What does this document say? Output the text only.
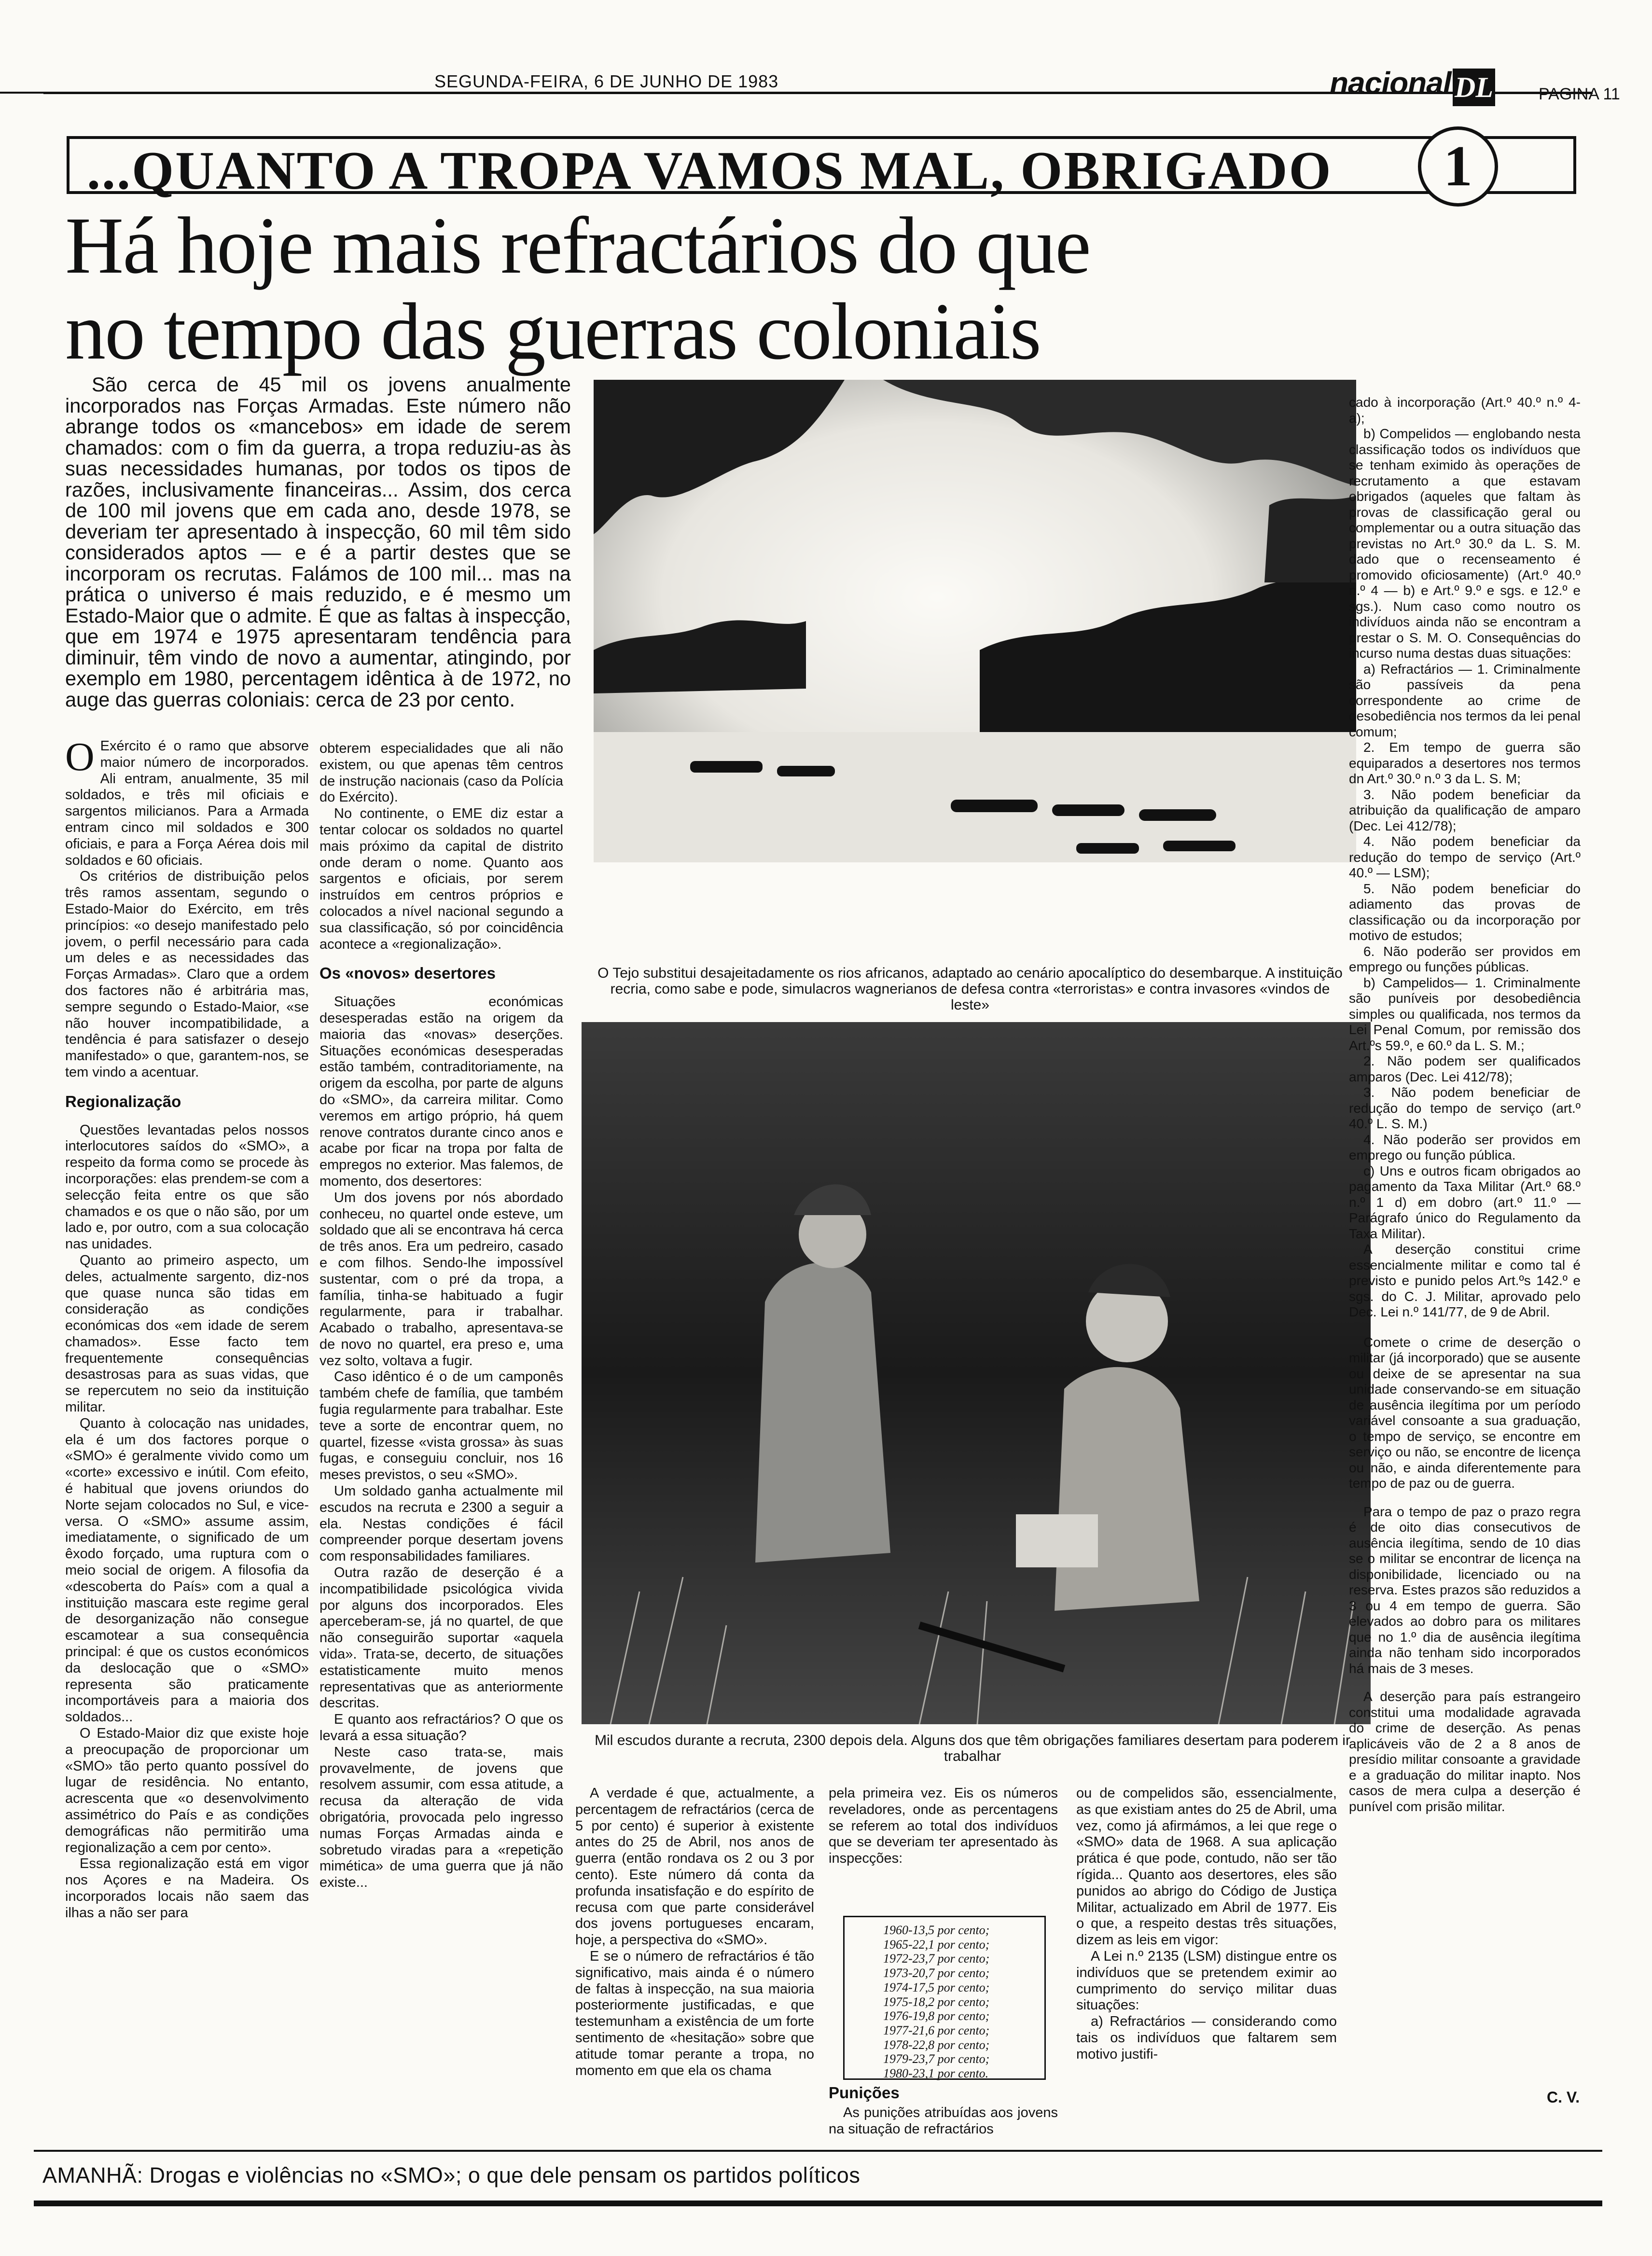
SEGUNDA-FEIRA, 6 DE JUNHO DE 1983	nacional DL	PAGINA 11
...QUANTO A TROPA VAMOS MAL, OBRIGADO	1
Há hoje mais refractários do que
no tempo das guerras coloniais

São cerca de 45 mil os jovens anualmente incorporados nas Forças Armadas. Este número não abrange todos os «mancebos» em idade de serem chamados: com o fim da guerra, a tropa reduziu-as às suas necessidades humanas, por todos os tipos de razões, inclusivamente financeiras... Assim, dos cerca de 100 mil jovens que em cada ano, desde 1978, se deveriam ter apresentado à inspecção, 60 mil têm sido considerados aptos — e é a partir destes que se incorporam os recrutas. Falámos de 100 mil... mas na prática o universo é mais reduzido, e é mesmo um Estado-Maior que o admite. É que as faltas à inspecção, que em 1974 e 1975 apresentaram tendência para diminuir, têm vindo de novo a aumentar, atingindo, por exemplo em 1980, percentagem idêntica à de 1972, no auge das guerras coloniais: cerca de 23 por cento.

O Exército é o ramo que absorve maior número de incorporados. Ali entram, anualmente, 35 mil soldados, e três mil oficiais e sargentos milicianos. Para a Armada entram cinco mil soldados e 300 oficiais, e para a Força Aérea dois mil soldados e 60 oficiais.

Os critérios de distribuição pelos três ramos assentam, segundo o Estado-Maior do Exército, em três princípios: «o desejo manifestado pelo jovem, o perfil necessário para cada um deles e as necessidades das Forças Armadas». Claro que a ordem dos factores não é arbitrária mas, sempre segundo o Estado-Maior, «se não houver incompatibilidade, a tendência é para satisfazer o desejo manifestado» o que, garantem-nos, se tem vindo a acentuar.

Regionalização

Questões levantadas pelos nossos interlocutores saídos do «SMO», a respeito da forma como se procede às incorporações: elas prendem-se com a selecção feita entre os que são chamados e os que o não são, por um lado e, por outro, com a sua colocação nas unidades.

Quanto ao primeiro aspecto, um deles, actualmente sargento, diz-nos que quase nunca são tidas em consideração as condições económicas dos «em idade de serem chamados». Esse facto tem frequentemente consequências desastrosas para as suas vidas, que se repercutem no seio da instituição militar.

Quanto à colocação nas unidades, ela é um dos factores porque o «SMO» é geralmente vivido como um «corte» excessivo e inútil. Com efeito, é habitual que jovens oriundos do Norte sejam colocados no Sul, e vice-versa. O «SMO» assume assim, imediatamente, o significado de um êxodo forçado, uma ruptura com o meio social de origem. A filosofia da «descoberta do País» com a qual a instituição mascara este regime geral de desorganização não consegue escamotear a sua consequência principal: é que os custos económicos da deslocação que o «SMO» representa são praticamente incomportáveis para a maioria dos soldados...

O Estado-Maior diz que existe hoje a preocupação de proporcionar um «SMO» tão perto quanto possível do lugar de residência. No entanto, acrescenta que «o desenvolvimento assimétrico do País e as condições demográficas não permitirão uma regionalização a cem por cento».

Essa regionalização está em vigor nos Açores e na Madeira. Os incorporados locais não saem das ilhas a não ser para

obterem especialidades que ali não existem, ou que apenas têm centros de instrução nacionais (caso da Polícia do Exército).

No continente, o EME diz estar a tentar colocar os soldados no quartel mais próximo da capital de distrito onde deram o nome. Quanto aos sargentos e oficiais, por serem instruídos em centros próprios e colocados a nível nacional segundo a sua classificação, só por coincidência acontece a «regionalização».

Os «novos» desertores

Situações económicas desesperadas estão na origem da maioria das «novas» deserções. Situações económicas desesperadas estão também, contraditoriamente, na origem da escolha, por parte de alguns do «SMO», da carreira militar. Como veremos em artigo próprio, há quem renove contratos durante cinco anos e acabe por ficar na tropa por falta de empregos no exterior. Mas falemos, de momento, dos desertores:

Um dos jovens por nós abordado conheceu, no quartel onde esteve, um soldado que ali se encontrava há cerca de três anos. Era um pedreiro, casado e com filhos. Sendo-lhe impossível sustentar, com o pré da tropa, a família, tinha-se habituado a fugir regularmente, para ir trabalhar. Acabado o trabalho, apresentava-se de novo no quartel, era preso e, uma vez solto, voltava a fugir.

Caso idêntico é o de um camponês também chefe de família, que também fugia regularmente para trabalhar. Este teve a sorte de encontrar quem, no quartel, fizesse «vista grossa» às suas fugas, e conseguiu concluir, nos 16 meses previstos, o seu «SMO».

Um soldado ganha actualmente mil escudos na recruta e 2300 a seguir a ela. Nestas condições é fácil compreender porque desertam jovens com responsabilidades familiares.

Outra razão de deserção é a incompatibilidade psicológica vivida por alguns dos incorporados. Eles aperceberam-se, já no quartel, de que não conseguirão suportar «aquela vida». Trata-se, decerto, de situações estatisticamente muito menos representativas que as anteriormente descritas.

E quanto aos refractários? O que os levará a essa situação?

Neste caso trata-se, mais provavelmente, de jovens que resolvem assumir, com essa atitude, a recusa da alteração de vida obrigatória, provocada pelo ingresso numas Forças Armadas ainda e sobretudo viradas para a «repetição mimética» de uma guerra que já não existe...

O Tejo substitui desajeitadamente os rios africanos, adaptado ao cenário apocalíptico do desembarque. A instituição recria, como sabe e pode, simulacros wagnerianos de defesa contra «terroristas» e contra invasores «vindos de leste»
Mil escudos durante a recruta, 2300 depois dela. Alguns dos que têm obrigações familiares desertam para poderem ir trabalhar

A verdade é que, actualmente, a percentagem de refractários (cerca de 5 por cento) é superior à existente antes do 25 de Abril, nos anos de guerra (então rondava os 2 ou 3 por cento). Este número dá conta da profunda insatisfação e do espírito de recusa com que parte considerável dos jovens portugueses encaram, hoje, a perspectiva do «SMO».

E se o número de refractários é tão significativo, mais ainda é o número de faltas à inspecção, na sua maioria posteriormente justificadas, e que testemunham a existência de um forte sentimento de «hesitação» sobre que atitude tomar perante a tropa, no momento em que ela os chama

pela primeira vez. Eis os números reveladores, onde as percentagens se referem ao total dos indivíduos que se deveriam ter apresentado às inspecções:

1960-13,5 por cento;
1965-22,1 por cento;
1972-23,7 por cento;
1973-20,7 por cento;
1974-17,5 por cento;
1975-18,2 por cento;
1976-19,8 por cento;
1977-21,6 por cento;
1978-22,8 por cento;
1979-23,7 por cento;
1980-23,1 por cento.
Punições

As punições atribuídas aos jovens na situação de refractários

ou de compelidos são, essencialmente, as que existiam antes do 25 de Abril, uma vez, como já afirmámos, a lei que rege o «SMO» data de 1968. A sua aplicação prática é que pode, contudo, não ser tão rígida... Quanto aos desertores, eles são punidos ao abrigo do Código de Justiça Militar, actualizado em Abril de 1977. Eis o que, a respeito destas três situações, dizem as leis em vigor:

A Lei n.º 2135 (LSM) distingue entre os indivíduos que se pretendem eximir ao cumprimento do serviço militar duas situações:

a) Refractários — considerando como tais os indivíduos que faltarem sem motivo justifi-

cado à incorporação (Art.º 40.º n.º 4-a);

b) Compelidos — englobando nesta classificação todos os indivíduos que se tenham eximido às operações de recrutamento a que estavam obrigados (aqueles que faltam às provas de classificação geral ou complementar ou a outra situação das previstas no Art.º 30.º da L. S. M. dado que o recenseamento é promovido oficiosamente) (Art.º 40.º n.º 4 — b) e Art.º 9.º e sgs. e 12.º e sgs.). Num caso como noutro os indivíduos ainda não se encontram a prestar o S. M. O. Consequências do incurso numa destas duas situações:

a) Refractários — 1. Criminalmente são passíveis da pena correspondente ao crime de desobediência nos termos da lei penal comum;

2. Em tempo de guerra são equiparados a desertores nos termos dn Art.º 30.º n.º 3 da L. S. M;

3. Não podem beneficiar da atribuição da qualificação de amparo (Dec. Lei 412/78);

4. Não podem beneficiar da redução do tempo de serviço (Art.º 40.º — LSM);

5. Não podem beneficiar do adiamento das provas de classificação ou da incorporação por motivo de estudos;

6. Não poderão ser providos em emprego ou funções públicas.

b) Campelidos— 1. Criminalmente são puníveis por desobediência simples ou qualificada, nos termos da Lei Penal Comum, por remissão dos Art.ºs 59.º, e 60.º da L. S. M.;

2. Não podem ser qualificados amparos (Dec. Lei 412/78);

3. Não podem beneficiar de redução do tempo de serviço (art.º 40.º L. S. M.)

4. Não poderão ser providos em emprego ou função pública.

c) Uns e outros ficam obrigados ao pagamento da Taxa Militar (Art.º 68.º n.º 1 d) em dobro (art.º 11.º — Parágrafo único do Regulamento da Taxa Militar).

A deserção constitui crime essencialmente militar e como tal é previsto e punido pelos Art.ºs 142.º e sgs. do C. J. Militar, aprovado pelo Dec. Lei n.º 141/77, de 9 de Abril.

Comete o crime de deserção o militar (já incorporado) que se ausente ou deixe de se apresentar na sua unidade conservando-se em situação de ausência ilegítima por um período variável consoante a sua graduação, o tempo de serviço, se encontre em serviço ou não, se encontre de licença ou não, e ainda diferentemente para tempo de paz ou de guerra.

Para o tempo de paz o prazo regra é de oito dias consecutivos de ausência ilegítima, sendo de 10 dias se o militar se encontrar de licença na disponibilidade, licenciado ou na reserva. Estes prazos são reduzidos a 3 ou 4 em tempo de guerra. São elevados ao dobro para os militares que no 1.º dia de ausência ilegítima ainda não tenham sido incorporados há mais de 3 meses.

A deserção para país estrangeiro constitui uma modalidade agravada do crime de deserção. As penas aplicáveis vão de 2 a 8 anos de presídio militar consoante a gravidade e a graduação do militar inapto. Nos casos de mera culpa a deserção é punível com prisão militar.

C. V.
AMANHÃ: Drogas e violências no «SMO»; o que dele pensam os partidos políticos
